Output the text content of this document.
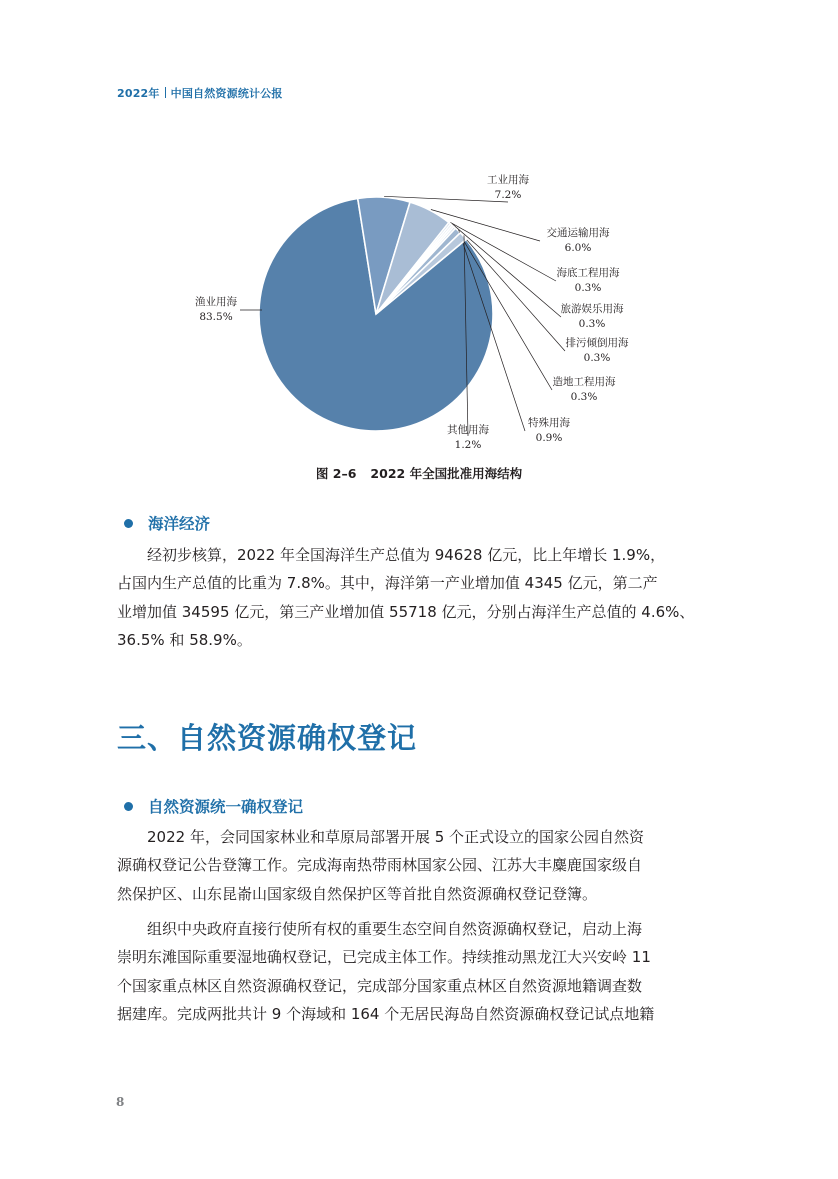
2022年 中国自然资源统计公报
渔业用海
83.5%
工业用海
7.2%
交通运输用海
6.0%
海底工程用海
0.3%
旅游娱乐用海
0.3%
排污倾倒用海
0.3%
造地工程用海
0.3%
特殊用海
0.9%
其他用海
1.2%
图 2–6 2022 年全国批准用海结构
海洋经济
经初步核算，2022 年全国海洋生产总值为 94628 亿元，比上年增长 1.9%，
占国内生产总值的比重为 7.8%。其中，海洋第一产业增加值 4345 亿元，第二产
业增加值 34595 亿元，第三产业增加值 55718 亿元，分别占海洋生产总值的 4.6%、
36.5% 和 58.9%。
三、自然资源确权登记
自然资源统一确权登记
2022 年，会同国家林业和草原局部署开展 5 个正式设立的国家公园自然资
源确权登记公告登簿工作。完成海南热带雨林国家公园、江苏大丰麋鹿国家级自
然保护区、山东昆嵛山国家级自然保护区等首批自然资源确权登记登簿。
组织中央政府直接行使所有权的重要生态空间自然资源确权登记，启动上海
崇明东滩国际重要湿地确权登记，已完成主体工作。持续推动黑龙江大兴安岭 11
个国家重点林区自然资源确权登记，完成部分国家重点林区自然资源地籍调查数
据建库。完成两批共计 9 个海域和 164 个无居民海岛自然资源确权登记试点地籍
8
